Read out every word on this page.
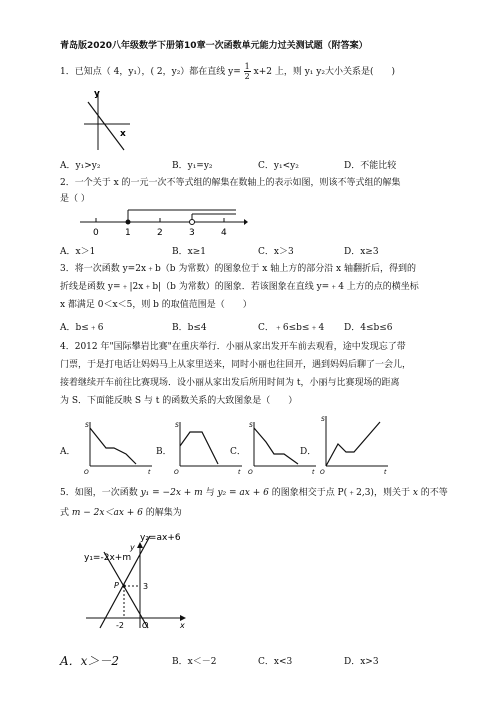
青岛版2020八年级数学下册第10章一次函数单元能力过关测试题（附答案）
1．已知点（ 4，y₁），( 2，y₂）都在直线 $y= \frac{1}{2} x+2$ 上，则 y₁ y₂大小关系是(　　)
y
x
A．y₁>y₂	B．y₁=y₂	C．y₁<y₂	D．不能比较
2．一个关于 x 的一元一次不等式组的解集在数轴上的表示如图，则该不等式组的解集
是（ ）
0	1	2	3	4
A．x＞1	B．x≥1	C．x＞3	D．x≥3
3．将一次函数 y=2x﹢b（b 为常数）的图象位于 x 轴上方的部分沿 x 轴翻折后，得到的
折线是函数 y=﹢|2x﹢b|（b 为常数）的图象．若该图象在直线 y=﹢4 上方的点的横坐标
x 都满足 0＜x＜5，则 b 的取值范围是（　　）
A．b≤﹢6	B．b≤4	C．﹢6≤b≤﹢4 D．4≤b≤6
4．2012 年"国际攀岩比赛"在重庆举行．小丽从家出发开车前去观看，途中发现忘了带
门票，于是打电话让妈妈马上从家里送来，同时小丽也往回开，遇到妈妈后聊了一会儿，
接着继续开车前往比赛现场．设小丽从家出发后所用时间为 t，小丽与比赛现场的距离
为 S．下面能反映 S 与 t 的函数关系的大致图象是（　　）
A．
S
t
O
B．
S
t
O
C．
S
t
O
D．
S
t
O
5．如图，一次函数 y₁ = −2x + m 与 y₂ = ax + 6 的图象相交于点 P(﹢2,3)，则关于 x 的不等
式 m − 2x＜ax + 6 的解集为
y₂=ax+6
y₁=-2x+m
y
P	3
-2 O	x
A．x＞－2	B．x＜－2	C．x<3	D．x>3
